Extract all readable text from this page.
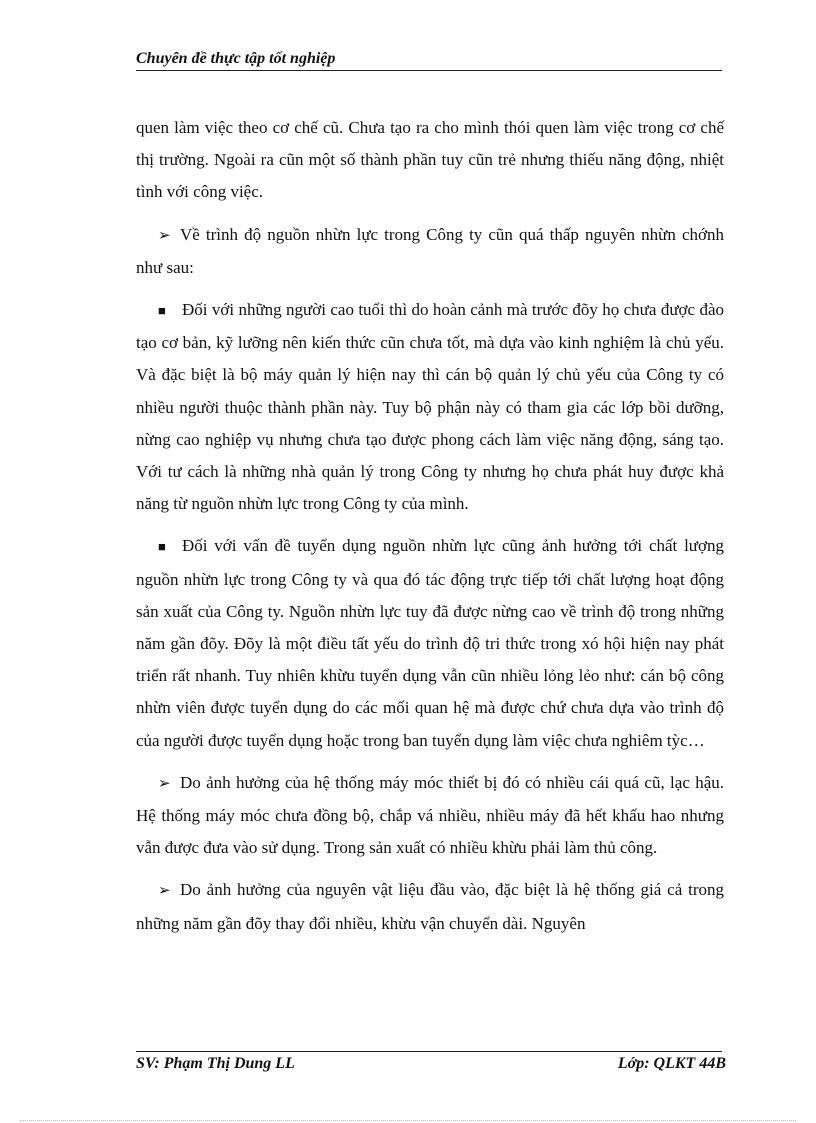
Chuyên đề thực tập tốt nghiệp

quen làm việc theo cơ chế cũ. Chưa tạo ra cho mình thói quen làm việc trong cơ chế thị trường. Ngoài ra cũn một số thành phần tuy cũn trẻ nhưng thiếu năng động, nhiệt tình với công việc.

➢ Về trình độ nguồn nhừn lực trong Công ty cũn quá thấp nguyên nhừn chớnh như sau:

■ Đối với những người cao tuổi thì do hoàn cảnh mà trước đõy họ chưa được đào tạo cơ bản, kỹ lưỡng nên kiến thức cũn chưa tốt, mà dựa vào kinh nghiệm là chủ yếu. Và đặc biệt là bộ máy quản lý hiện nay thì cán bộ quản lý chủ yếu của Công ty có nhiều người thuộc thành phần này. Tuy bộ phận này có tham gia các lớp bồi dưỡng, nừng cao nghiệp vụ nhưng chưa tạo được phong cách làm việc năng động, sáng tạo. Với tư cách là những nhà quản lý trong Công ty nhưng họ chưa phát huy được khả năng từ nguồn nhừn lực trong Công ty của mình.

■ Đối với vấn đề tuyển dụng nguồn nhừn lực cũng ảnh hưởng tới chất lượng nguồn nhừn lực trong Công ty và qua đó tác động trực tiếp tới chất lượng hoạt động sản xuất của Công ty. Nguồn nhừn lực tuy đã được nừng cao về trình độ trong những năm gần đõy. Đõy là một điều tất yếu do trình độ tri thức trong xó hội hiện nay phát triển rất nhanh. Tuy nhiên khừu tuyển dụng vẫn cũn nhiều lỏng lẻo như: cán bộ công nhừn viên được tuyển dụng do các mối quan hệ mà được chứ chưa dựa vào trình độ của người được tuyển dụng hoặc trong ban tuyển dụng làm việc chưa nghiêm tỳc…

➢ Do ảnh hưởng của hệ thống máy móc thiết bị đó có nhiều cái quá cũ, lạc hậu. Hệ thống máy móc chưa đồng bộ, chắp vá nhiều, nhiều máy đã hết khấu hao nhưng vẫn được đưa vào sử dụng. Trong sản xuất có nhiều khừu phải làm thủ công.

➢ Do ảnh hưởng của nguyên vật liệu đầu vào, đặc biệt là hệ thống giá cả trong những năm gần đõy thay đổi nhiều, khừu vận chuyển dài. Nguyên

SV: Phạm Thị Dung LL	Lớp: QLKT 44B
